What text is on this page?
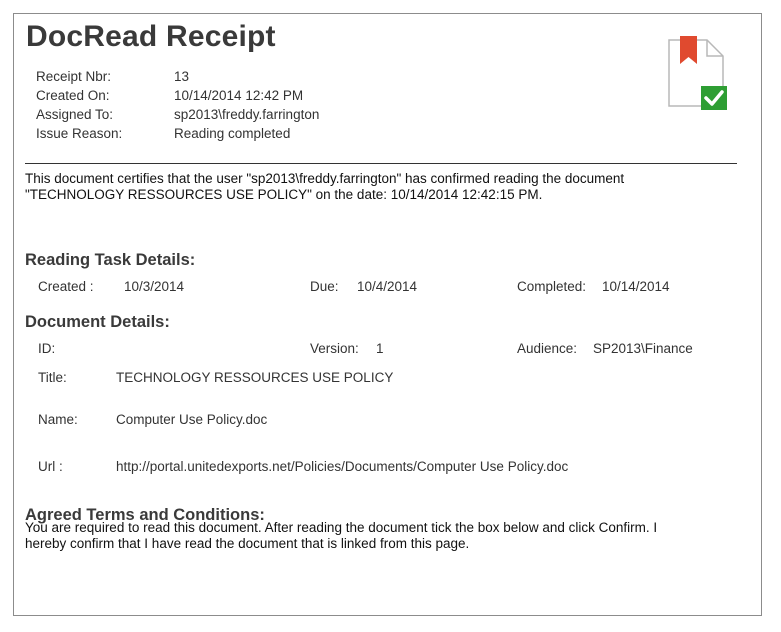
DocRead Receipt
Receipt Nbr:	13
Created On:	10/14/2014 12:42 PM
Assigned To:	sp2013\freddy.farrington
Issue Reason:	Reading completed
This document certifies that the user "sp2013\freddy.farrington" has confirmed reading the document
"TECHNOLOGY RESSOURCES USE POLICY" on the date: 10/14/2014 12:42:15 PM.
Reading Task Details:
Created : 10/3/2014	Due: 10/4/2014	Completed: 10/14/2014
Document Details:
ID:	Version: 1	Audience: SP2013\Finance
Title:	TECHNOLOGY RESSOURCES USE POLICY
Name:	Computer Use Policy.doc
Url :	http://portal.unitedexports.net/Policies/Documents/Computer Use Policy.doc
Agreed Terms and Conditions:
You are required to read this document. After reading the document tick the box below and click Confirm. I
hereby confirm that I have read the document that is linked from this page.
